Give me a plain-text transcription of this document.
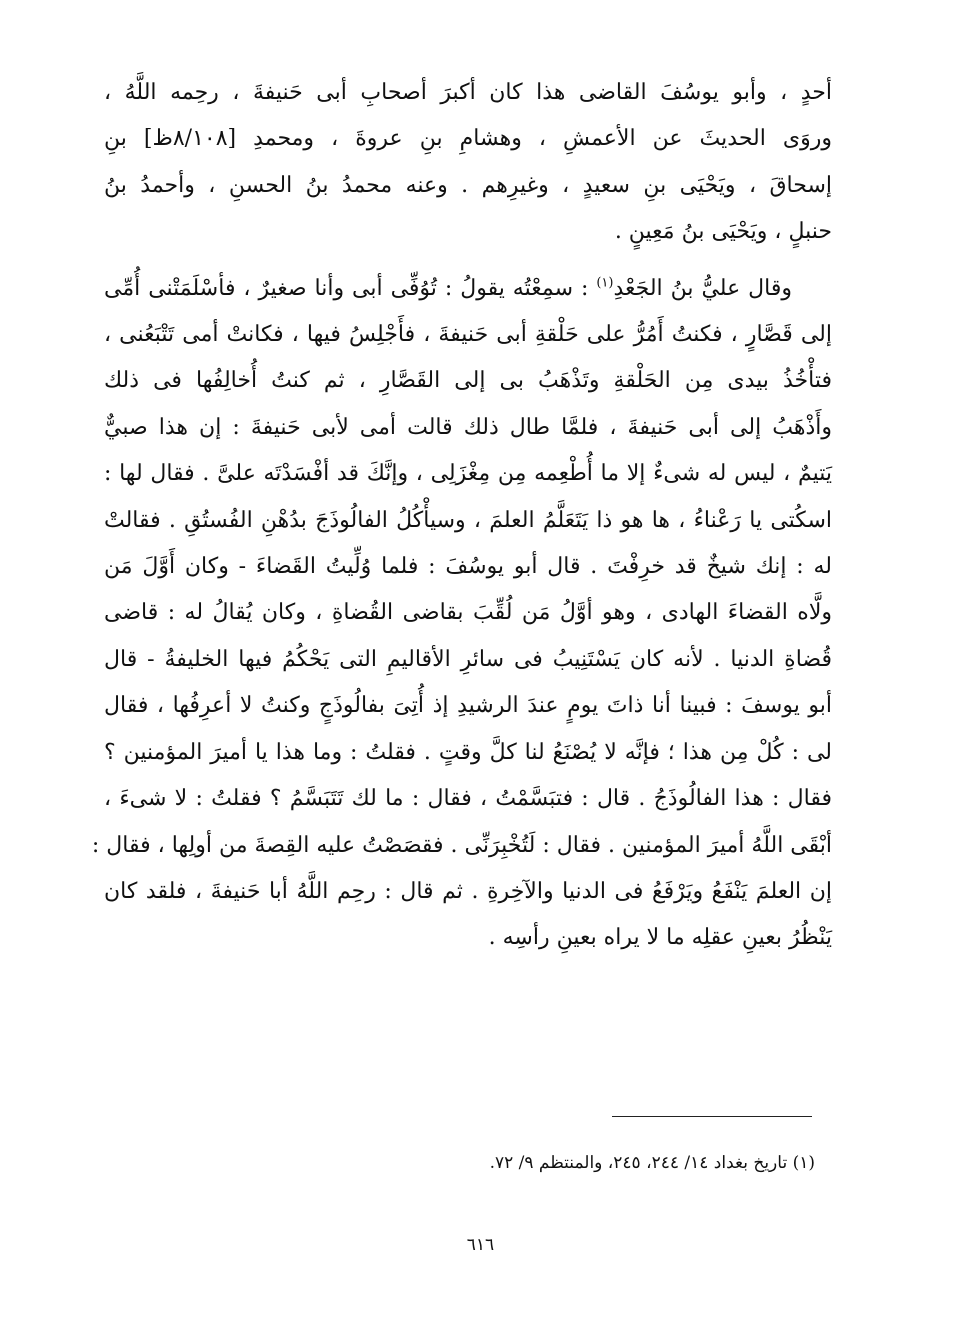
أحدٍ ، وأبو يوسُفَ القاضى هذا كان أكبرَ أصحابِ أبى حَنيفةَ ، رحِمه اللَّهُ ،

وروَى الحديثَ عن الأعمشِ ، وهشامِ بنِ عروةَ ، ومحمدِ [٨/١٠٨ظ] بنِ

إسحاقَ ، ويَحْيَى بنِ سعيدٍ ، وغيرِهم . وعنه محمدُ بنُ الحسنِ ، وأحمدُ بنُ

حنبلٍ ، ويَحْيَى بنُ مَعِينٍ .

وقال عليُّ بنُ الجَعْدِ$^{(١)}$ : سمِعْتُه يقولُ : تُوُفِّى أبى وأنا صغيرٌ ، فأسْلَمَتْنى أُمِّى

إلى قَصَّارٍ ، فكنتُ أَمُرُّ على حَلْقةِ أبى حَنيفةَ ، فأَجْلِسُ فيها ، فكانتْ أمى تَتْبَعُنى ،

فتأْخُذُ بيدى مِن الحَلْقةِ وتَذْهَبُ بى إلى القَصَّارِ ، ثم كنتُ أُخالِفُها فى ذلك

وأَذْهَبُ إلى أبى حَنيفةَ ، فلمَّا طال ذلك قالت أمى لأبى حَنيفةَ : إن هذا صبيٌّ

يَتيمٌ ، ليس له شىءٌ إلا ما أُطْعِمه مِن مِغْزَلِى ، وإنَّكَ قد أفْسَدْتَه علىَّ . فقال لها :

اسكُتى يا رَعْناءُ ، ها هو ذا يَتَعَلَّمُ العلمَ ، وسيأْكُلُ الفالُوذَجَ بدُهْنِ الفُستُقِ . فقالتْ

له : إنك شيخٌ قد خرِفْتَ . قال أبو يوسُفَ : فلما وُلِّيتُ القَضاءَ - وكان أَوَّلَ مَن

ولَّاه القضاءَ الهادى ، وهو أوَّلُ مَن لُقِّبَ بقاضى القُضاةِ ، وكان يُقالُ له : قاضى

قُضاةِ الدنيا . لأنه كان يَسْتَنِيبُ فى سائرِ الأقاليمِ التى يَحْكُمُ فيها الخليفةُ - قال

أبو يوسفَ : فبينا أنا ذاتَ يومٍ عندَ الرشيدِ إذ أُتِىَ بفالُوذَجٍ وكنتُ لا أعرِفُها ، فقال

لى : كُلْ مِن هذا ؛ فإنَّه لا يُصْنَعُ لنا كلَّ وقتٍ . فقلتُ : وما هذا يا أميرَ المؤمنين ؟

فقال : هذا الفالُوذَجُ . قال : فتبَسَّمْتُ ، فقال : ما لك تَتَبَسَّمُ ؟ فقلتُ : لا شىءَ ،

أبْقَى اللَّهُ أميرَ المؤمنين . فقال : لَتُخْبِرَنِّى . فقصَصْتُ عليه القِصةَ من أولِها ، فقال :

إن العلمَ يَنْفَعُ ويَرْفَعُ فى الدنيا والآخِرةِ . ثم قال : رحِم اللَّهُ أبا حَنيفةَ ، فلقد كان

يَنْظُرُ بعينِ عقلِه ما لا يراه بعينِ رأسِه .

(١) تاريخ بغداد ١٤/ ٢٤٤، ٢٤٥، والمنتظم ٩/ ٧٢.
٦١٦
